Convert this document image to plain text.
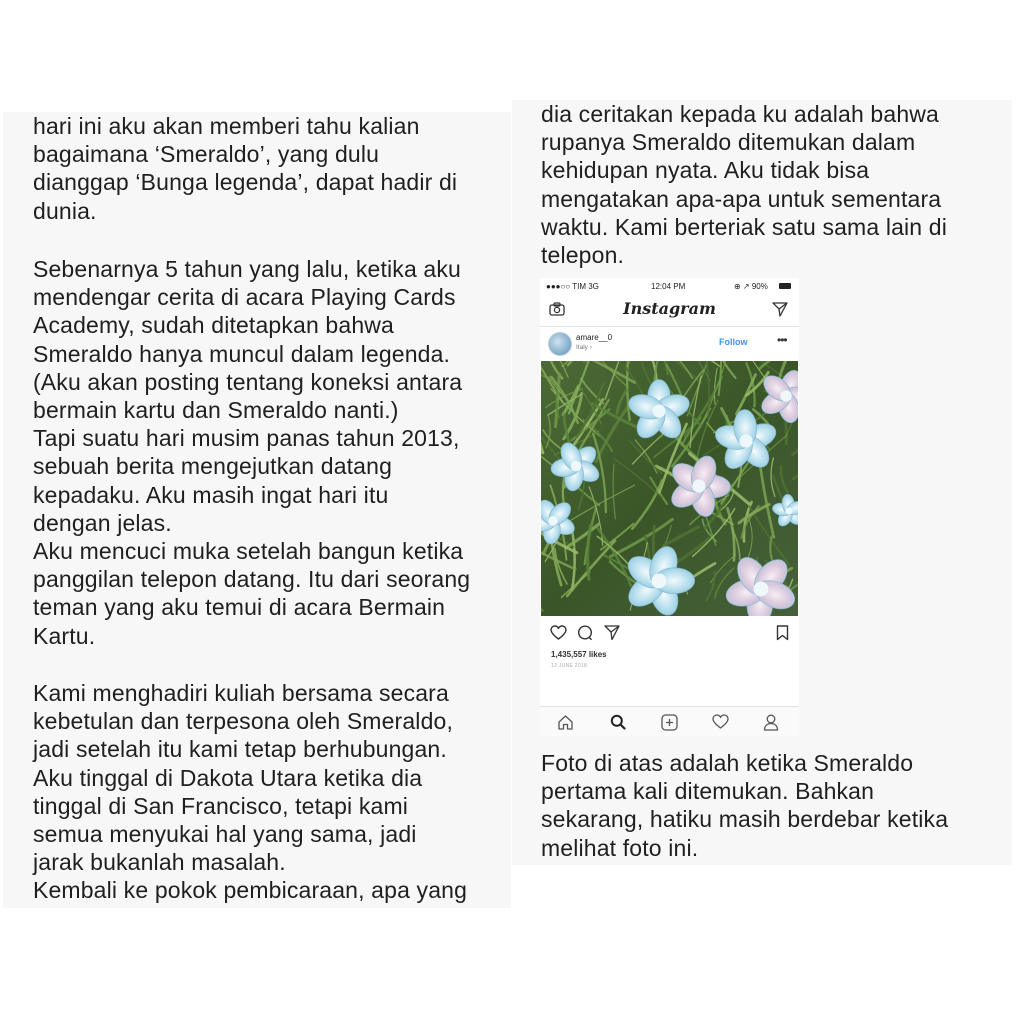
hari ini aku akan memberi tahu kalian

bagaimana ‘Smeraldo’, yang dulu

dianggap ‘Bunga legenda’, dapat hadir di

dunia.

Sebenarnya 5 tahun yang lalu, ketika aku

mendengar cerita di acara Playing Cards

Academy, sudah ditetapkan bahwa

Smeraldo hanya muncul dalam legenda.

(Aku akan posting tentang koneksi antara

bermain kartu dan Smeraldo nanti.)

Tapi suatu hari musim panas tahun 2013,

sebuah berita mengejutkan datang

kepadaku. Aku masih ingat hari itu

dengan jelas.

Aku mencuci muka setelah bangun ketika

panggilan telepon datang. Itu dari seorang

teman yang aku temui di acara Bermain

Kartu.

Kami menghadiri kuliah bersama secara

kebetulan dan terpesona oleh Smeraldo,

jadi setelah itu kami tetap berhubungan.

Aku tinggal di Dakota Utara ketika dia

tinggal di San Francisco, tetapi kami

semua menyukai hal yang sama, jadi

jarak bukanlah masalah.

Kembali ke pokok pembicaraan, apa yang

dia ceritakan kepada ku adalah bahwa

rupanya Smeraldo ditemukan dalam

kehidupan nyata. Aku tidak bisa

mengatakan apa-apa untuk sementara

waktu. Kami berteriak satu sama lain di

telepon.

Foto di atas adalah ketika Smeraldo

pertama kali ditemukan. Bahkan

sekarang, hatiku masih berdebar ketika

melihat foto ini.

●●●○○ TIM 3G	12:04 PM	⊕ ↗ 90%
Instagram
amare__0
Italy ›
Follow •••
1,435,557 likes
12 JUNE 2018
